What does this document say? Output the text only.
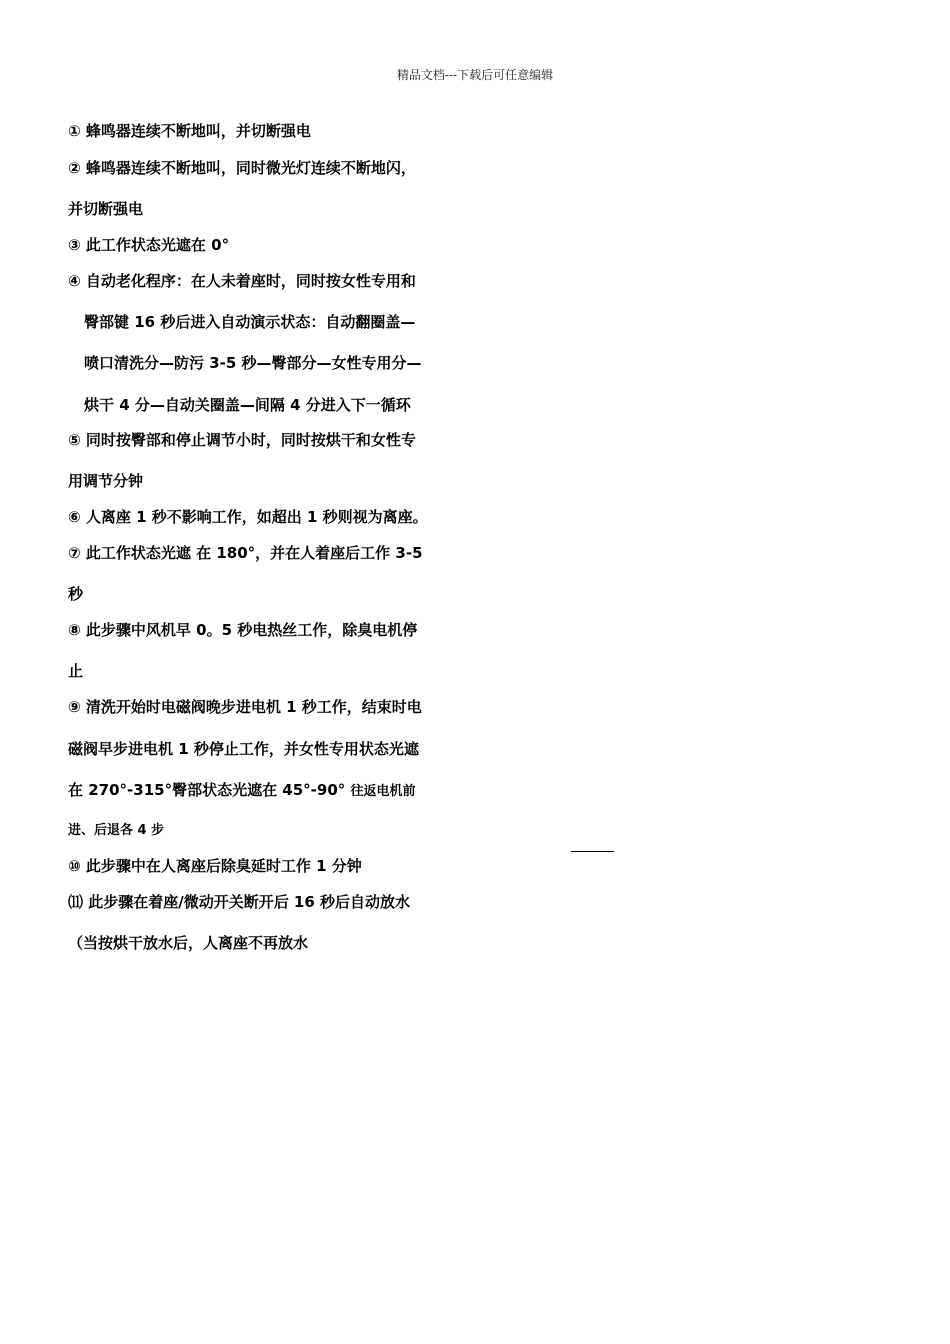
精品文档---下载后可任意编辑
① 蜂鸣器连续不断地叫，并切断强电
② 蜂鸣器连续不断地叫，同时微光灯连续不断地闪，
并切断强电
③ 此工作状态光遮在 0°
④ 自动老化程序：在人未着座时，同时按女性专用和
臀部键 16 秒后进入自动演示状态：自动翻圈盖—
喷口清洗分—防污 3-5 秒—臀部分—女性专用分—
烘干 4 分—自动关圈盖—间隔 4 分进入下一循环
⑤ 同时按臀部和停止调节小时，同时按烘干和女性专
用调节分钟
⑥ 人离座 1 秒不影响工作，如超出 1 秒则视为离座。
⑦ 此工作状态光遮 在 180°，并在人着座后工作 3-5
秒
⑧ 此步骤中风机早 0。5 秒电热丝工作，除臭电机停
止
⑨ 清洗开始时电磁阀晚步进电机 1 秒工作，结束时电
磁阀早步进电机 1 秒停止工作，并女性专用状态光遮
在 270°-315°臀部状态光遮在 45°-90° 往返电机前
进、后退各 4 步
⑩ 此步骤中在人离座后除臭延时工作 1 分钟
⑾ 此步骤在着座/微动开关断开后 16 秒后自动放水
（当按烘干放水后，人离座不再放水
